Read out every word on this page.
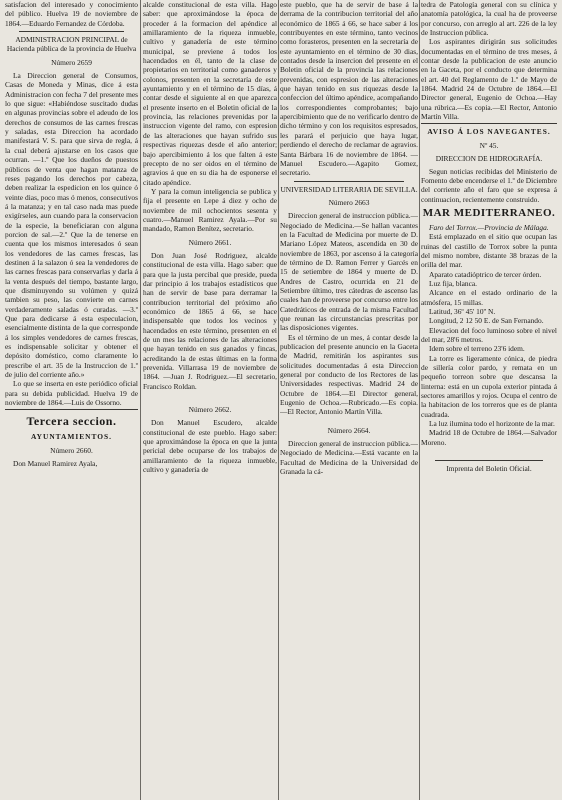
satisfacion del interesado y conocimiento del público. Huelva 19 de noviembre de 1864.—Eduardo Fernandez de Córdoba.

ADMINISTRACION PRINCIPAL de Hacienda pública de la provincia de Huelva

Número 2659

La Direccion general de Consumos, Casas de Moneda y Minas, dice á esta Administracion con fecha 7 del presente mes lo que sigue: «Habiéndose suscitado dudas en algunas provincias sobre el adeudo de los derechos de consumos de las carnes frescas y saladas, esta Direccion ha acordado manifestará V. S. para que sirva de regla, á la cual deberá ajustarse en los casos que ocurran. —1.º Que los dueños de puestos públicos de venta que hagan matanza de reses pagando los derechos por cabeza, deben realizar la espedicion en los quince ó veinte dias, poco mas ó menos, consecutivos á la matanza; y en tal caso nada mas puede exigírseles, aun cuando para la conservacion de la especie, la beneficiaran con alguna porcion de sal.—2.º Que la de tenerse en cuenta que los mismos interesados ó sean los vendedores de las carnes frescas, las destinen á la salazon ó sea la vendedores de las carnes frescas para conservarlas y darla á la venta después del tiempo, bastante largo, que disminuyendo su volúmen y quizá tambien su peso, las convierte en carnes verdaderamente saladas ó curadas. —3.º Que para dedicarse á esta especulacion, esencialmente distinta de la que corresponde á los simples vendedores de carnes frescas, es indispensable solicitar y obtener el depósito doméstico, como claramente lo prescribe el art. 35 de la Instruccion de 1.º de julio del corriente año.»

Lo que se inserta en este periódico oficial para su debida publicidad. Huelva 19 de noviembre de 1864.—Luis de Ossorno.

Tercera seccion.

AYUNTAMIENTOS.

Número 2660.

Don Manuel Ramirez Ayala,

alcalde constitucional de esta villa. Hago saber: que aproximándose la época de proceder á la formacion del apéndice al amillaramiento de la riqueza inmueble, cultivo y ganadería de este término municipal, se previene á todos los hacendados en él, tanto de la clase de propietarios en territorial como ganaderos y colonos, presenten en la secretaría de este ayuntamiento y en el término de 15 días, á contar desde el siguiente al en que aparezca el presente inserto en el Boletin oficial de la provincia, las relaciones prevenidas por la instruccion vigente del ramo, con espresion de las alteraciones que hayan sufrido sus respectivas riquezas desde el año anterior; bajo apercibimiento á los que falten á este precepto de no ser oidos en el término de agravios á que en su dia ha de esponerse el citado apéndice.

Y para la comun inteligencia se publica y fija el presente en Lepe á diez y ocho de noviembre de mil ochocientos sesenta y cuatro.—Manuel Ramirez Ayala.—Por su mandado, Ramon Benítez, secretario.

Número 2661.

Don Juan José Rodriguez, alcalde constitucional de esta villa. Hago saber: que para que la justa percibal que preside, pueda dar principio á los trabajos estadísticos que han de servir de base para derramar la contribucion territorial del próximo año económico de 1865 á 66, se hace indispensable que todos los vecinos y hacendados en este término, presenten en el de un mes las relaciones de las alteraciones que hayan tenido en sus ganados y fincas, acreditando la de estas últimas en la forma prevenida. Villarrasa 19 de noviembre de 1864. —Juan J. Rodriguez.—El secretario, Francisco Roldan.

Número 2662.

Don Manuel Escudero, alcalde constitucional de este pueblo. Hago saber: que aproximándose la época en que la junta pericial debe ocuparse de los trabajos de amillaramiento de la riqueza inmueble, cultivo y ganadería de

este pueblo, que ha de servir de base á la derrama de la contribucion territorial del año económico de 1865 á 66, se hace saber á los contribuyentes en este término, tanto vecinos como forasteros, presenten en la secretaría de este ayuntamiento en el término de 30 dias, contados desde la insercion del presente en el Boletin oficial de la provincia las relaciones prevenidas, con espresion de las alteraciones que hayan tenido en sus riquezas desde la confeccion del último apéndice, acompañando los correspondientes comprobantes; bajo apercibimiento que de no verificarlo dentro de dicho término y con los requisitos espresados, les parará el perjuicio que haya lugar, perdiendo el derecho de reclamar de agravios. Santa Bárbara 16 de noviembre de 1864. —Manuel Escudero.—Agapito Gomez, secretario.

UNIVERSIDAD LITERARIA DE SEVILLA.

Número 2663

Direccion general de instruccion pública.—Negociado de Medicina.—Se hallan vacantes en la Facultad de Medicina por muerte de D. Mariano López Mateos, ascendida en 30 de noviembre de 1863, por ascenso á la categoría de término de D. Ramon Ferrer y Garcés en 15 de setiembre de 1864 y muerte de D. Andres de Castro, ocurrida en 21 de Setiembre último, tres cátedras de ascenso las cuales han de proveerse por concurso entre los Catedráticos de entrada de la misma Facultad que reunan las circunstancias prescritas por las disposiciones vigentes.

Es el término de un mes, á contar desde la publicacion del presente anuncio en la Gaceta de Madrid, remitirán los aspirantes sus solicitudes documentadas á esta Direccion general por conducto de los Rectores de las Universidades respectivas. Madrid 24 de Octubre de 1864.—El Director general, Eugenio de Ochoa.—Rubricado.—Es copia.—El Rector, Antonio Martín Villa.

Número 2664.

Direccion general de instruccion pública.—Negociado de Medicina.—Está vacante en la Facultad de Medicina de la Universidad de Granada la cá-

tedra de Patología general con su clínica y anatomía patológica, la cual ha de proveerse por concurso, con arreglo al art. 226 de la ley de Instruccion pública.

Los aspirantes dirigirán sus solicitudes documentadas en el término de tres meses, á contar desde la publicacion de este anuncio en la Gaceta, por el conducto que determina el art. 40 del Reglamento de 1.º de Mayo de 1864. Madrid 24 de Octubre de 1864.—El Director general, Eugenio de Ochoa.—Hay una rúbrica.—Es copia.—El Rector, Antonio Martín Villa.

AVISO Á LOS NAVEGANTES.

Nº 45.

DIRECCION DE HIDROGRAFÍA.

Segun noticias recibidas del Ministerio de Fomento debe encenderse el 1.º de Diciembre del corriente año el faro que se expresa á continuacion, recientemente construido.

MAR MEDITERRANEO.

Faro del Torrox.—Provincia de Málaga.

Está emplazado en el sitio que ocupan las ruinas del castillo de Torrox sobre la punta del mismo nombre, distante 38 brazas de la orilla del mar.

Aparato catadióptrico de tercer órden.

Luz fija, blanca.

Alcance en el estado ordinario de la atmósfera, 15 millas.

Latitud, 36º 45' 10'' N.

Longitud, 2 12 50 E. de San Fernando.

Elevacion del foco luminoso sobre el nivel del mar, 28'6 metros.

Idem sobre el terreno 23'6 idem.

La torre es ligeramente cónica, de piedra de sillería color pardo, y remata en un pequeño torreon sobre que descansa la linterna: está en un cupola exterior pintada á sectores amarillos y rojos. Ocupa el centro de la habitacion de los torreros que es de planta cuadrada.

La luz ilumina todo el horizonte de la mar.

Madrid 18 de Octubre de 1864.—Salvador Moreno.

Imprenta del Boletin Oficial.
